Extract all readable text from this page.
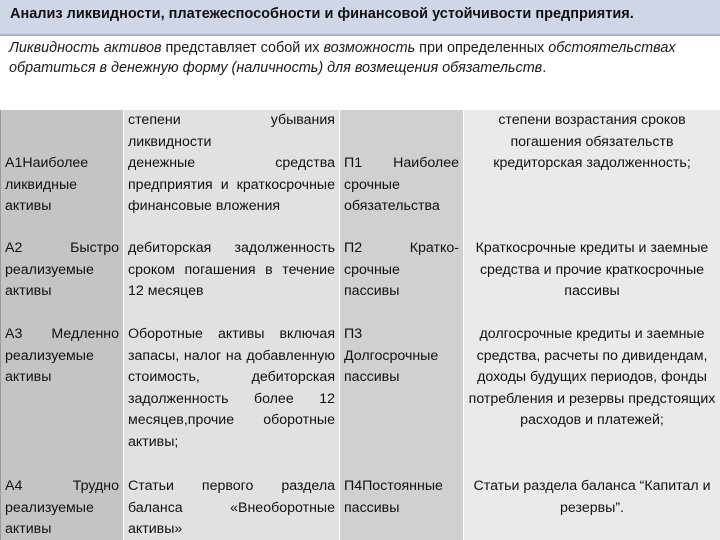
Анализ ликвидности, платежеспособности и финансовой устойчивости предприятия.
Ликвидность активов представляет собой их возможность при определенных обстоятельствах обратиться в денежную форму (наличность) для возмещения обязательств.
А1Наиболее ликвидные активы
А2 Быстро реализуемые активы
А3 Медленно реализуемые активы
А4 Трудно реализуемые активы
степени убывания ликвидности
денежные средства предприятия и краткосрочные финансовые вложения
дебиторская задолженность сроком погашения в течение 12 месяцев
Оборотные активы включая запасы, налог на добавленную стоимость, дебиторская задолженность более 12 месяцев,прочие оборотные активы;
Статьи первого раздела баланса «Внеоборотные активы»
П1 Наиболее срочные обязательства
П2 Кратко- срочные пассивы
П3 Долгосрочные пассивы
П4Постоянные пассивы
степени возрастания сроков погашения обязательств
кредиторская задолженность;
Краткосрочные кредиты и заемные средства и прочие краткосрочные пассивы
долгосрочные кредиты и заемные средства, расчеты по дивидендам, доходы будущих периодов, фонды потребления и резервы предстоящих расходов и платежей;
Статьи раздела баланса “Капитал и резервы”.
